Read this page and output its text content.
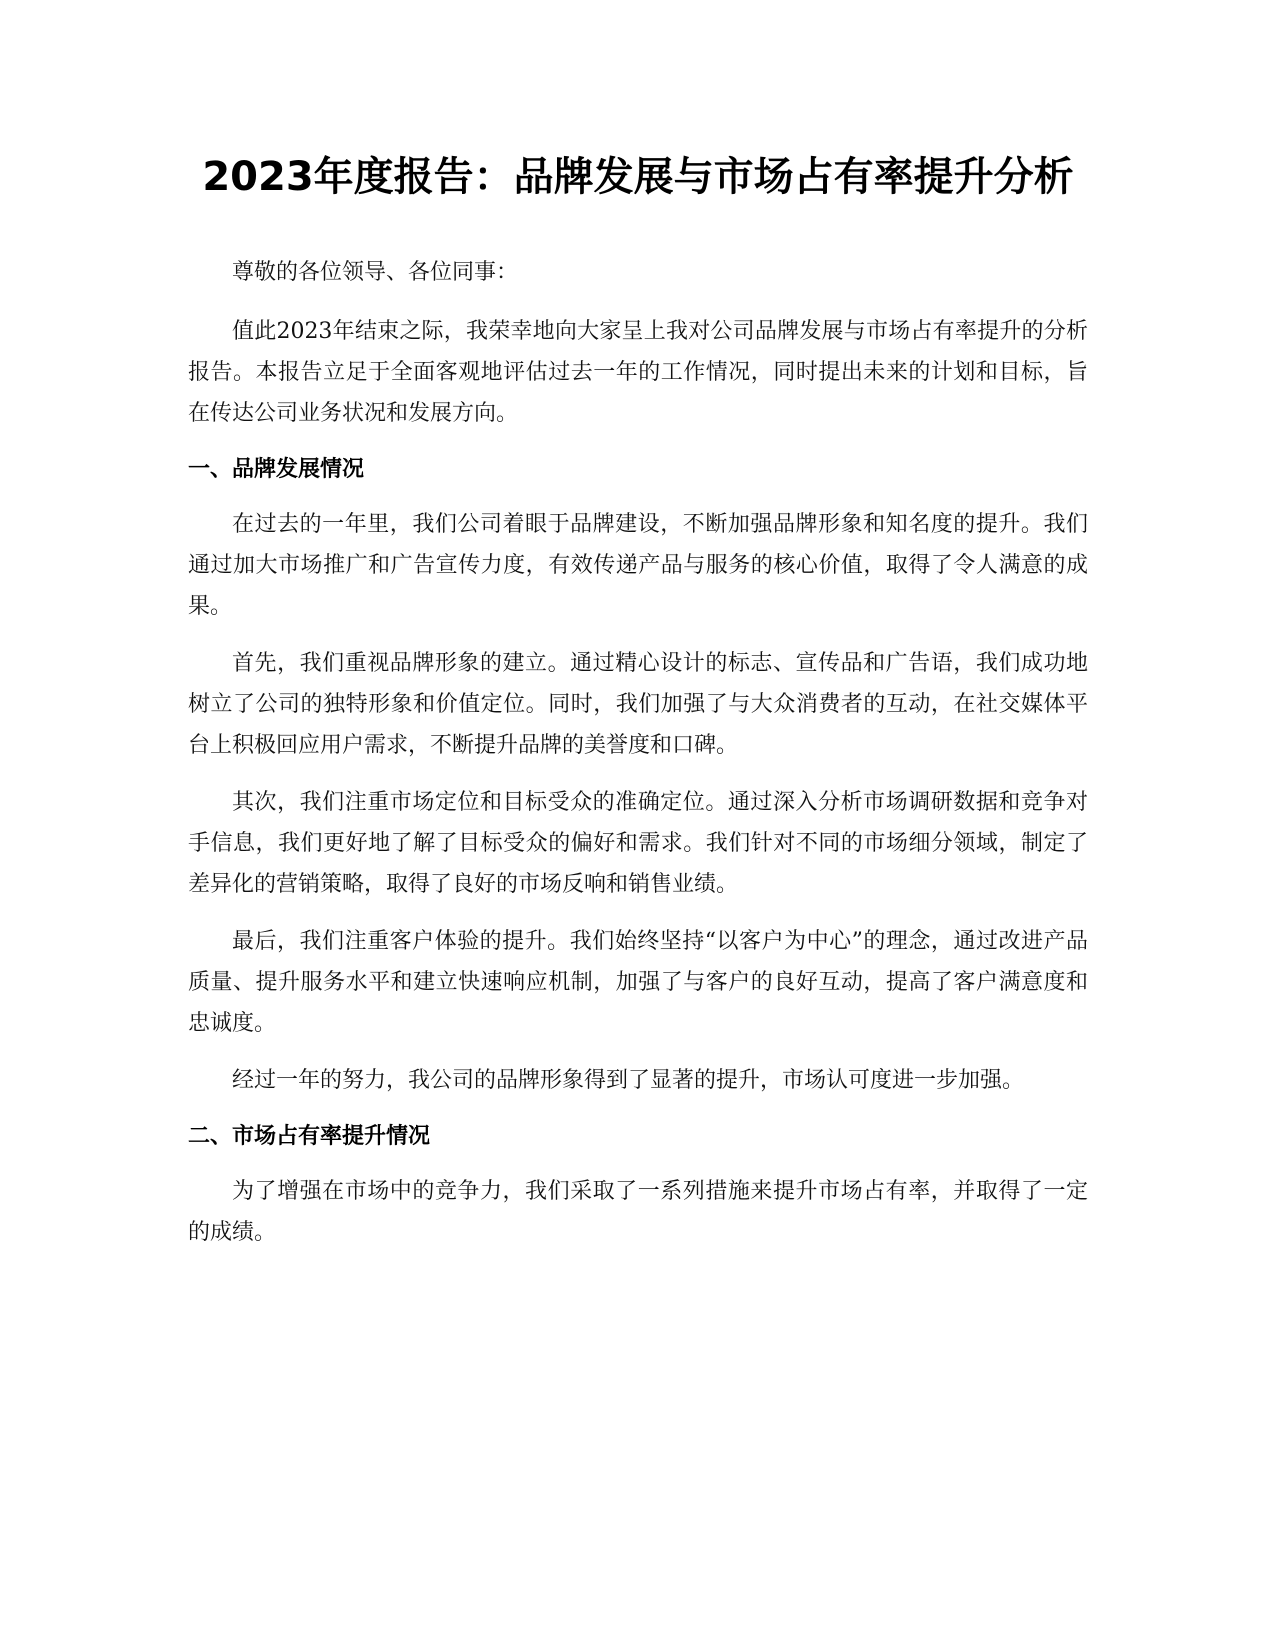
2023年度报告：品牌发展与市场占有率提升分析

尊敬的各位领导、各位同事：

值此2023年结束之际，我荣幸地向大家呈上我对公司品牌发展与市场占有率提升的分析报告。本报告立足于全面客观地评估过去一年的工作情况，同时提出未来的计划和目标，旨在传达公司业务状况和发展方向。

一、品牌发展情况

在过去的一年里，我们公司着眼于品牌建设，不断加强品牌形象和知名度的提升。我们通过加大市场推广和广告宣传力度，有效传递产品与服务的核心价值，取得了令人满意的成果。

首先，我们重视品牌形象的建立。通过精心设计的标志、宣传品和广告语，我们成功地树立了公司的独特形象和价值定位。同时，我们加强了与大众消费者的互动，在社交媒体平台上积极回应用户需求，不断提升品牌的美誉度和口碑。

其次，我们注重市场定位和目标受众的准确定位。通过深入分析市场调研数据和竞争对手信息，我们更好地了解了目标受众的偏好和需求。我们针对不同的市场细分领域，制定了差异化的营销策略，取得了良好的市场反响和销售业绩。

最后，我们注重客户体验的提升。我们始终坚持“以客户为中心”的理念，通过改进产品质量、提升服务水平和建立快速响应机制，加强了与客户的良好互动，提高了客户满意度和忠诚度。

经过一年的努力，我公司的品牌形象得到了显著的提升，市场认可度进一步加强。

二、市场占有率提升情况

为了增强在市场中的竞争力，我们采取了一系列措施来提升市场占有率，并取得了一定的成绩。
